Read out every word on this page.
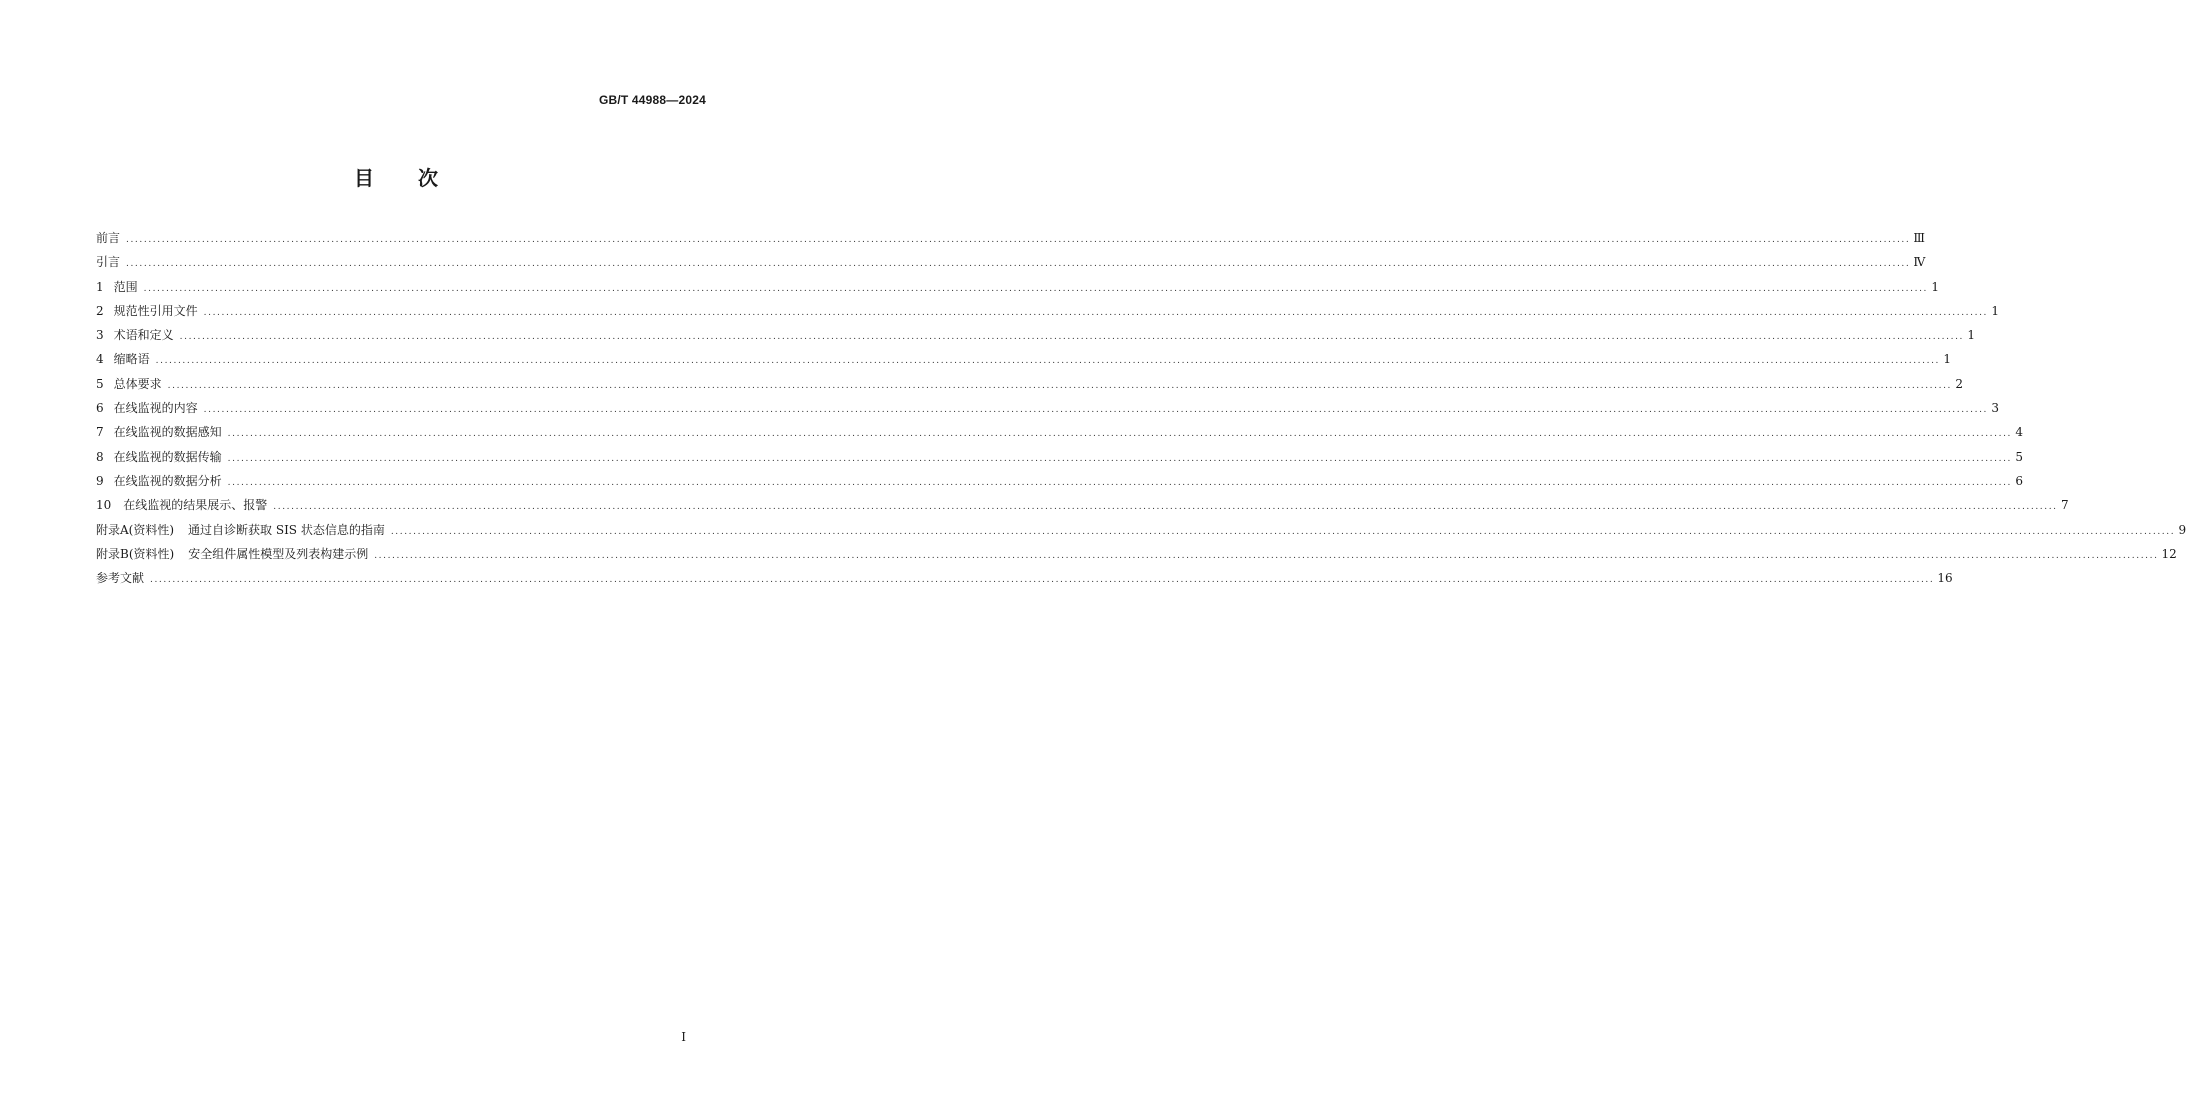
GB/T 44988—2024
目 次
前言 ................................................................................................................................................................................................................................................................................................................................................................................................................ Ⅲ
引言 ................................................................................................................................................................................................................................................................................................................................................................................................................ Ⅳ
1 范围 ................................................................................................................................................................................................................................................................................................................................................................................................................ 1
2 规范性引用文件 ................................................................................................................................................................................................................................................................................................................................................................................................................ 1
3 术语和定义 ................................................................................................................................................................................................................................................................................................................................................................................................................ 1
4 缩略语 ................................................................................................................................................................................................................................................................................................................................................................................................................ 1
5 总体要求 ................................................................................................................................................................................................................................................................................................................................................................................................................ 2
6 在线监视的内容 ................................................................................................................................................................................................................................................................................................................................................................................................................ 3
7 在线监视的数据感知 ................................................................................................................................................................................................................................................................................................................................................................................................................ 4
8 在线监视的数据传输 ................................................................................................................................................................................................................................................................................................................................................................................................................ 5
9 在线监视的数据分析 ................................................................................................................................................................................................................................................................................................................................................................................................................ 6
10 在线监视的结果展示、报警 ................................................................................................................................................................................................................................................................................................................................................................................................................ 7
附录A(资料性) 通过自诊断获取 SIS 状态信息的指南 ................................................................................................................................................................................................................................................................................................................................................................................................................ 9
附录B(资料性) 安全组件属性模型及列表构建示例 ................................................................................................................................................................................................................................................................................................................................................................................................................ 12
参考文献 ................................................................................................................................................................................................................................................................................................................................................................................................................ 16
I
